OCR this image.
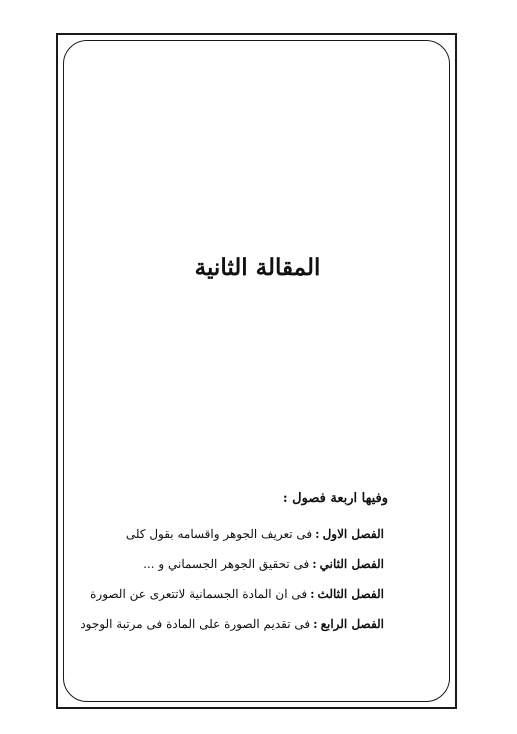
المقالة الثانية

وفيها اربعة فصول :

الفصل الاول:فى تعريف الجوهر واقسامه بقول كلى
الفصل الثاني:فى تحقيق الجوهر الجسماني و ...
الفصل الثالث:فى ان المادة الجسمانية لاتتعرى عن الصورة
الفصل الرابع:فى تقديم الصورة على المادة فى مرتبة الوجود
